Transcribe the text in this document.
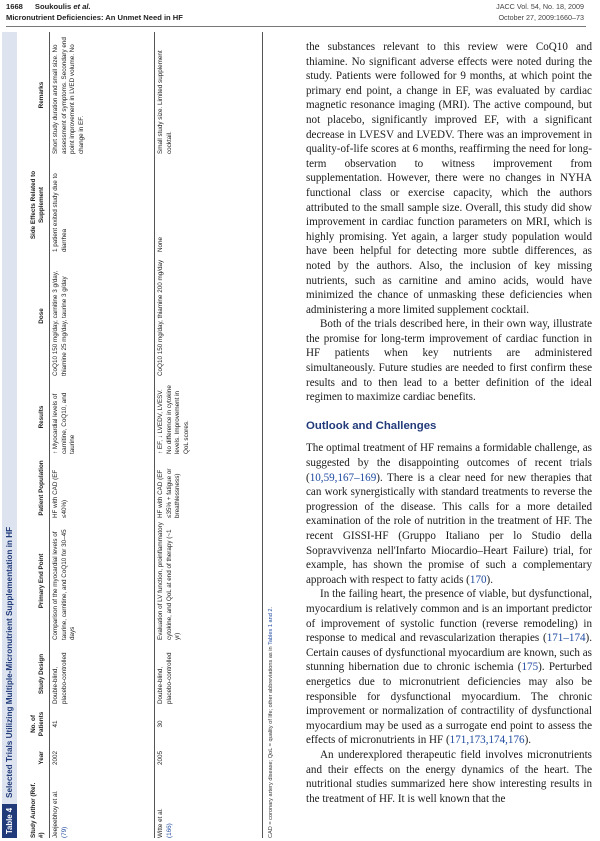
1668 Soukoulis et al.
Micronutrient Deficiencies: An Unmet Need in HF
JACC Vol. 54, No. 18, 2009
October 27, 2009:1660–73
Table 4
Selected Trials Utilizing Multiple-Micronutrient Supplementation in HF
Study Author (Ref. #)
Year
No. of Patients
Study Design
Primary End Point
Patient Population
Results
Dose
Side Effects Related to Supplement
Remarks
Jeejeebhoy et al. (79)
2002
41
Double-blind, placebo-controlled
Comparison of the myocardial levels of taurine, carnitine, and CoQ10 for 30–45 days
HF with CAD (EF ≤40%)
↑ Myocardial levels of carnitine, CoQ10, and taurine
CoQ10 150 mg/day, carnitine 3 g/day, thiamine 25 mg/day, taurine 3 g/day
1 patient exited study due to diarrhea
Short study duration and small size. No assessment of symptoms. Secondary end point improvement in LVED volume. No change in EF.
Witte et al. (166)
2005
30
Double-blind, placebo-controlled
Evaluation of LV function, proinflammatory cytokine, and QoL at end of therapy (~1 yr)
HF with CAD (EF ≤35% + fatigue or breathlessness)
↑ EF, ↓ LVEDV, LVESV. No difference in cytokine levels. Improvement in QoL scores.
CoQ10 150 mg/day, thiamine 200 mg/day
None
Small study size. Limited supplement cocktail.
CAD = coronary artery disease; QoL = quality of life; other abbreviations as in Tables 1 and 2.

the substances relevant to this review were CoQ10 and thiamine. No significant adverse effects were noted during the study. Patients were followed for 9 months, at which point the primary end point, a change in EF, was evaluated by cardiac magnetic resonance imaging (MRI). The active compound, but not placebo, significantly improved EF, with a significant decrease in LVESV and LVEDV. There was an improvement in quality-of-life scores at 6 months, reaffirming the need for long-term observation to witness improvement from supplementation. However, there were no changes in NYHA functional class or exercise capacity, which the authors attributed to the small sample size. Overall, this study did show improvement in cardiac function parameters on MRI, which is highly promising. Yet again, a larger study population would have been helpful for detecting more subtle differences, as noted by the authors. Also, the inclusion of key missing nutrients, such as carnitine and amino acids, would have minimized the chance of unmasking these deficiencies when administering a more limited supplement cocktail.

Both of the trials described here, in their own way, illustrate the promise for long-term improvement of cardiac function in HF patients when key nutrients are administered simultaneously. Future studies are needed to first confirm these results and to then lead to a better definition of the ideal regimen to maximize cardiac benefits.

Outlook and Challenges

The optimal treatment of HF remains a formidable challenge, as suggested by the disappointing outcomes of recent trials (10,59,167–169). There is a clear need for new therapies that can work synergistically with standard treatments to reverse the progression of the disease. This calls for a more detailed examination of the role of nutrition in the treatment of HF. The recent GISSI-HF (Gruppo Italiano per lo Studio della Sopravvivenza nell'Infarto Miocardio–Heart Failure) trial, for example, has shown the promise of such a complementary approach with respect to fatty acids (170).

In the failing heart, the presence of viable, but dysfunctional, myocardium is relatively common and is an important predictor of improvement of systolic function (reverse remodeling) in response to medical and revascularization therapies (171–174). Certain causes of dysfunctional myocardium are known, such as stunning hibernation due to chronic ischemia (175). Perturbed energetics due to micronutrient deficiencies may also be responsible for dysfunctional myocardium. The chronic improvement or normalization of contractility of dysfunctional myocardium may be used as a surrogate end point to assess the effects of micronutrients in HF (171,173,174,176).

An underexplored therapeutic field involves micronutrients and their effects on the energy dynamics of the heart. The nutritional studies summarized here show interesting results in the treatment of HF. It is well known that the
